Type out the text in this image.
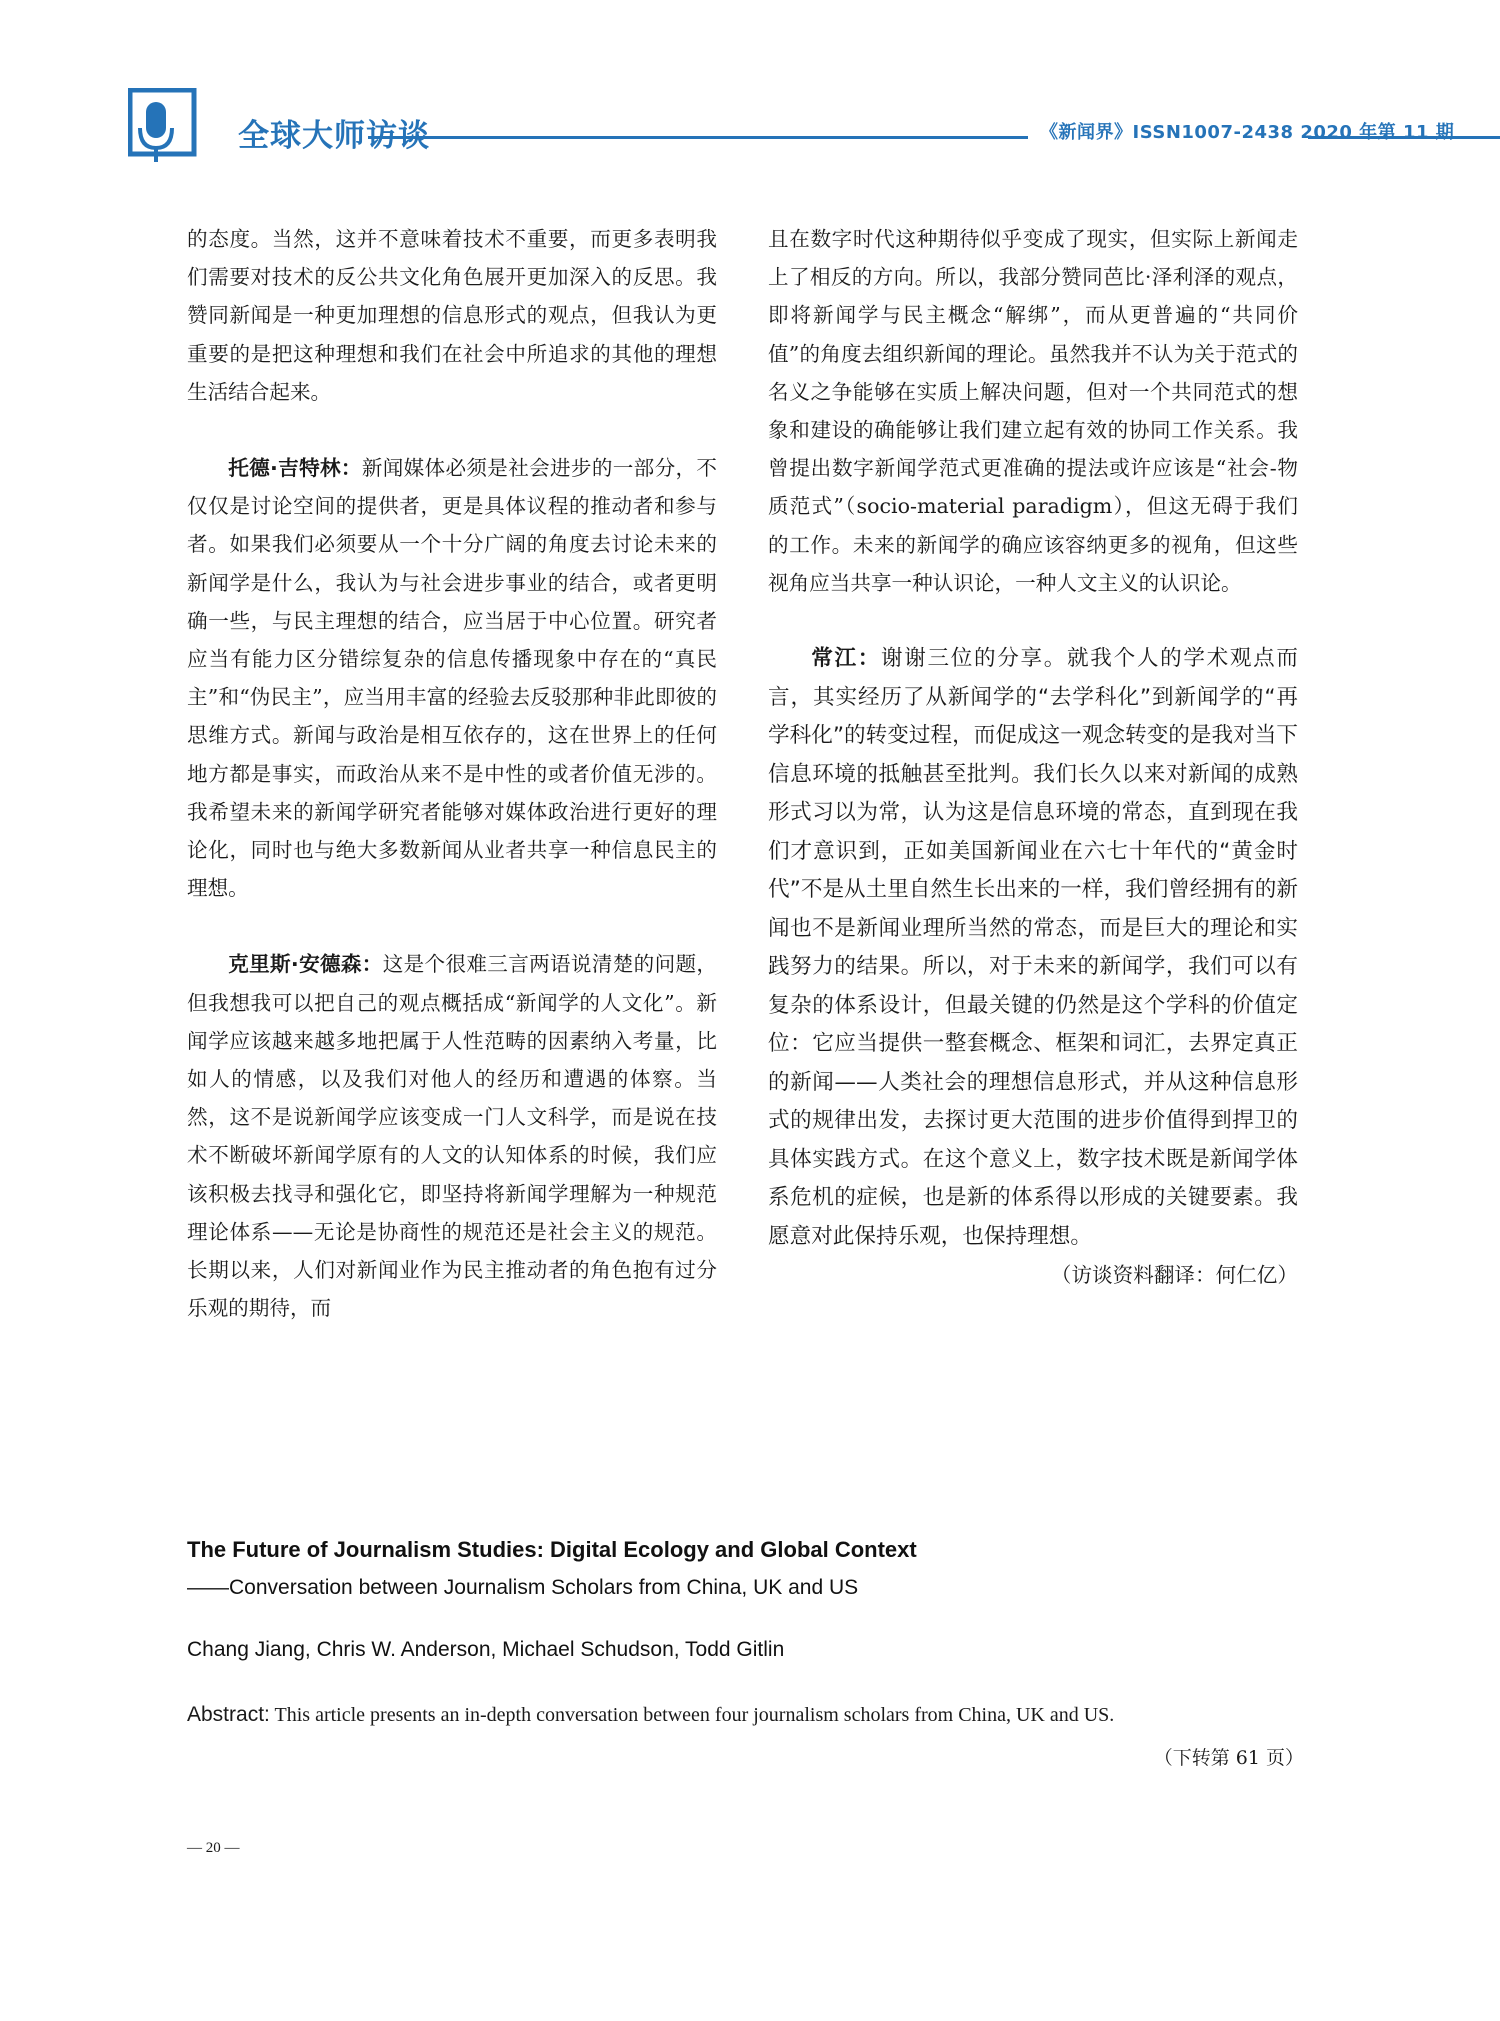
全球大师访谈	《新闻界》ISSN1007-2438 2020 年第 11 期

的态度。当然，这并不意味着技术不重要，而更多表明我们需要对技术的反公共文化角色展开更加深入的反思。我赞同新闻是一种更加理想的信息形式的观点，但我认为更重要的是把这种理想和我们在社会中所追求的其他的理想生活结合起来。

托德·吉特林：新闻媒体必须是社会进步的一部分，不仅仅是讨论空间的提供者，更是具体议程的推动者和参与者。如果我们必须要从一个十分广阔的角度去讨论未来的新闻学是什么，我认为与社会进步事业的结合，或者更明确一些，与民主理想的结合，应当居于中心位置。研究者应当有能力区分错综复杂的信息传播现象中存在的“真民主”和“伪民主”，应当用丰富的经验去反驳那种非此即彼的思维方式。新闻与政治是相互依存的，这在世界上的任何地方都是事实，而政治从来不是中性的或者价值无涉的。我希望未来的新闻学研究者能够对媒体政治进行更好的理论化，同时也与绝大多数新闻从业者共享一种信息民主的理想。

克里斯·安德森：这是个很难三言两语说清楚的问题，但我想我可以把自己的观点概括成“新闻学的人文化”。新闻学应该越来越多地把属于人性范畴的因素纳入考量，比如人的情感，以及我们对他人的经历和遭遇的体察。当然，这不是说新闻学应该变成一门人文科学，而是说在技术不断破坏新闻学原有的人文的认知体系的时候，我们应该积极去找寻和强化它，即坚持将新闻学理解为一种规范理论体系——无论是协商性的规范还是社会主义的规范。长期以来，人们对新闻业作为民主推动者的角色抱有过分乐观的期待，而

且在数字时代这种期待似乎变成了现实，但实际上新闻走上了相反的方向。所以，我部分赞同芭比·泽利泽的观点，即将新闻学与民主概念“解绑”，而从更普遍的“共同价值”的角度去组织新闻的理论。虽然我并不认为关于范式的名义之争能够在实质上解决问题，但对一个共同范式的想象和建设的确能够让我们建立起有效的协同工作关系。我曾提出数字新闻学范式更准确的提法或许应该是“社会-物质范式”（socio-material paradigm），但这无碍于我们的工作。未来的新闻学的确应该容纳更多的视角，但这些视角应当共享一种认识论，一种人文主义的认识论。

常江：谢谢三位的分享。就我个人的学术观点而言，其实经历了从新闻学的“去学科化”到新闻学的“再学科化”的转变过程，而促成这一观念转变的是我对当下信息环境的抵触甚至批判。我们长久以来对新闻的成熟形式习以为常，认为这是信息环境的常态，直到现在我们才意识到，正如美国新闻业在六七十年代的“黄金时代”不是从土里自然生长出来的一样，我们曾经拥有的新闻也不是新闻业理所当然的常态，而是巨大的理论和实践努力的结果。所以，对于未来的新闻学，我们可以有复杂的体系设计，但最关键的仍然是这个学科的价值定位：它应当提供一整套概念、框架和词汇，去界定真正的新闻——人类社会的理想信息形式，并从这种信息形式的规律出发，去探讨更大范围的进步价值得到捍卫的具体实践方式。在这个意义上，数字技术既是新闻学体系危机的症候，也是新的体系得以形成的关键要素。我愿意对此保持乐观，也保持理想。

（访谈资料翻译：何仁亿）

The Future of Journalism Studies: Digital Ecology and Global Context
——Conversation between Journalism Scholars from China, UK and US
Chang Jiang, Chris W. Anderson, Michael Schudson, Todd Gitlin
Abstract: This article presents an in-depth conversation between four journalism scholars from China, UK and US.
（下转第 61 页）
— 20 —
